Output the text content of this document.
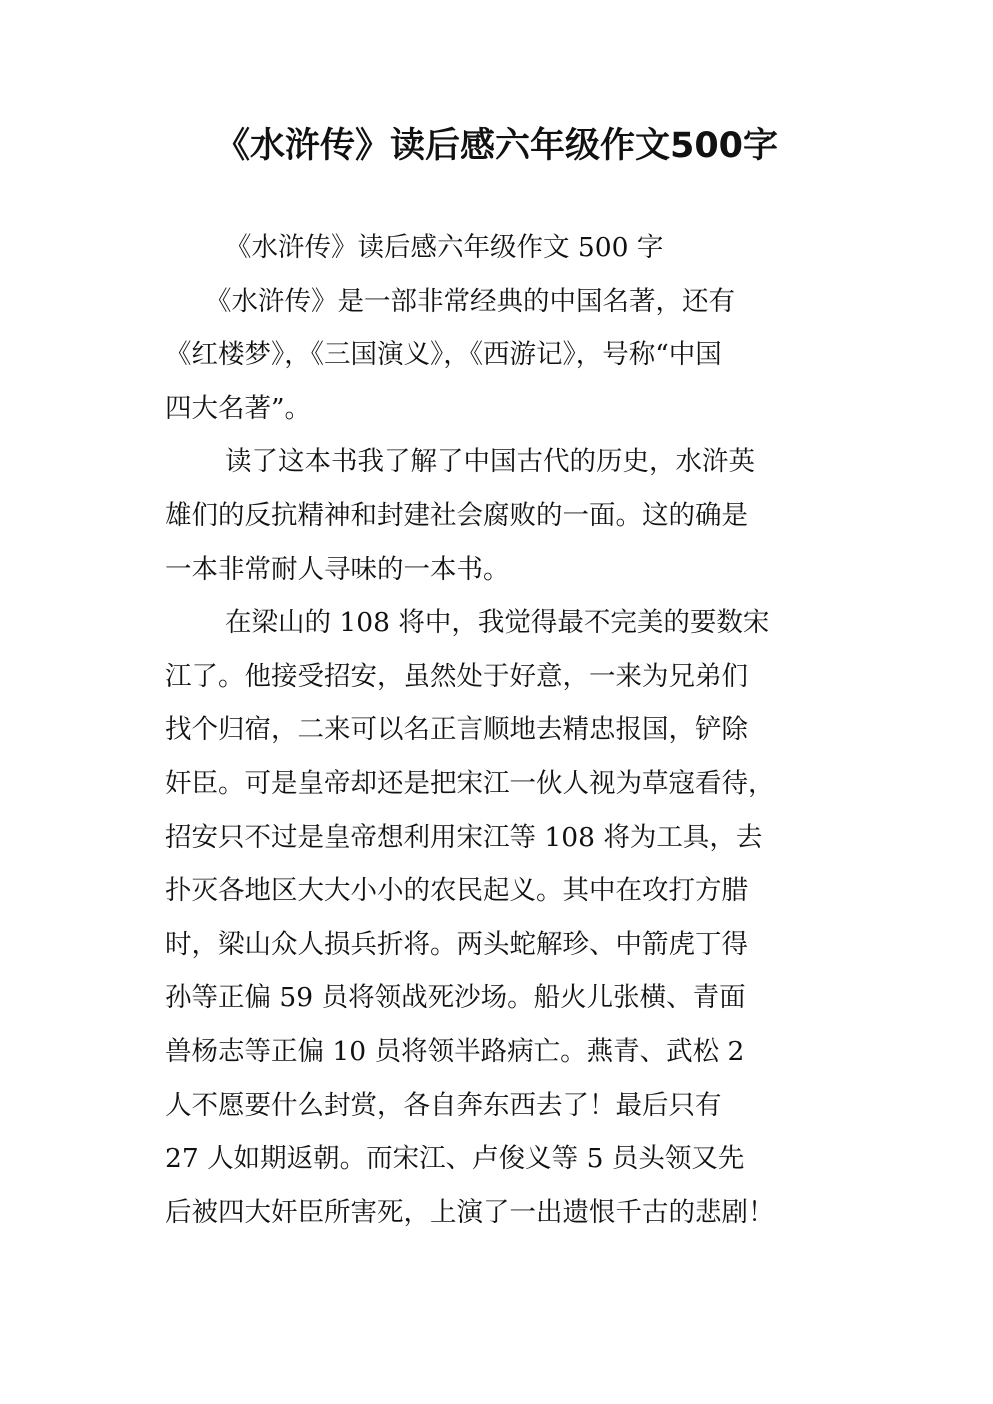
《水浒传》读后感六年级作文500字
《水浒传》读后感六年级作文 500 字
《水浒传》是一部非常经典的中国名著，还有
《红楼梦》，《三国演义》，《西游记》，号称“中国
四大名著”。
读了这本书我了解了中国古代的历史，水浒英
雄们的反抗精神和封建社会腐败的一面。这的确是
一本非常耐人寻味的一本书。
在梁山的 108 将中，我觉得最不完美的要数宋
江了。他接受招安，虽然处于好意，一来为兄弟们
找个归宿，二来可以名正言顺地去精忠报国，铲除
奸臣。可是皇帝却还是把宋江一伙人视为草寇看待，
招安只不过是皇帝想利用宋江等 108 将为工具，去
扑灭各地区大大小小的农民起义。其中在攻打方腊
时，梁山众人损兵折将。两头蛇解珍、中箭虎丁得
孙等正偏 59 员将领战死沙场。船火儿张横、青面
兽杨志等正偏 10 员将领半路病亡。燕青、武松 2
人不愿要什么封赏，各自奔东西去了！最后只有
27 人如期返朝。而宋江、卢俊义等 5 员头领又先
后被四大奸臣所害死，上演了一出遗恨千古的悲剧！
